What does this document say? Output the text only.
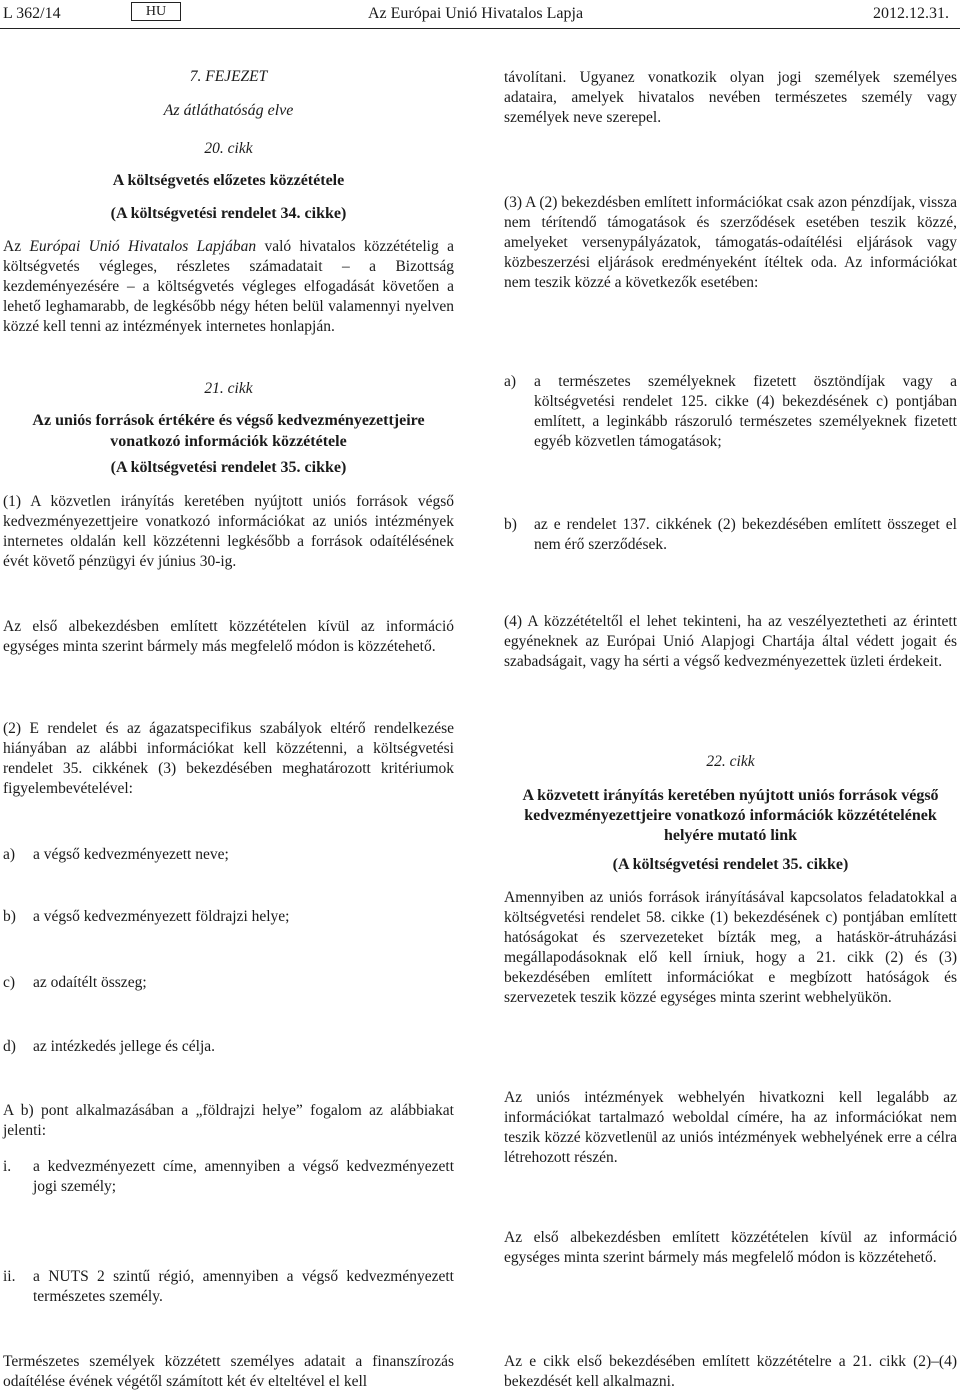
L 362/14	HU	Az Európai Unió Hivatalos Lapja	2012.12.31.
7. FEJEZET
Az átláthatóság elve
20. cikk
A költségvetés előzetes közzététele
(A költségvetési rendelet 34. cikke)

Az Európai Unió Hivatalos Lapjában való hivatalos közzétételig a költségvetés végleges, részletes számadatait – a Bizottság kezdeményezésére – a költségvetés végleges elfogadását követően a lehető leghamarabb, de legkésőbb négy héten belül valamennyi nyelven közzé kell tenni az intézmények internetes honlapján.

21. cikk
Az uniós források értékére és végső kedvezményezettjeire vonatkozó információk közzététele
(A költségvetési rendelet 35. cikke)

(1) A közvetlen irányítás keretében nyújtott uniós források végső kedvezményezettjeire vonatkozó információkat az uniós intézmények internetes oldalán kell közzétenni legkésőbb a források odaítélésének évét követő pénzügyi év június 30-ig.

Az első albekezdésben említett közzétételen kívül az információ egységes minta szerint bármely más megfelelő módon is közzétehető.

(2) E rendelet és az ágazatspecifikus szabályok eltérő rendelkezése hiányában az alábbi információkat kell közzétenni, a költségvetési rendelet 35. cikkének (3) bekezdésében meghatározott kritériumok figyelembevételével:

a) a végső kedvezményezett neve;
b) a végső kedvezményezett földrajzi helye;
c) az odaítélt összeg;
d) az intézkedés jellege és célja.

A b) pont alkalmazásában a „földrajzi helye” fogalom az alábbiakat jelenti:

i. a kedvezményezett címe, amennyiben a végső kedvezményezett jogi személy;
ii. a NUTS 2 szintű régió, amennyiben a végső kedvezményezett természetes személy.

Természetes személyek közzétett személyes adatait a finanszírozás odaítélése évének végétől számított két év elteltével el kell

távolítani. Ugyanez vonatkozik olyan jogi személyek személyes adataira, amelyek hivatalos nevében természetes személy vagy személyek neve szerepel.

(3) A (2) bekezdésben említett információkat csak azon pénzdíjak, vissza nem térítendő támogatások és szerződések esetében teszik közzé, amelyeket versenypályázatok, támogatás-odaítélési eljárások vagy közbeszerzési eljárások eredményeként ítéltek oda. Az információkat nem teszik közzé a következők esetében:

a) a természetes személyeknek fizetett ösztöndíjak vagy a költségvetési rendelet 125. cikke (4) bekezdésének c) pontjában említett, a leginkább rászoruló természetes személyeknek fizetett egyéb közvetlen támogatások;
b) az e rendelet 137. cikkének (2) bekezdésében említett összeget el nem érő szerződések.

(4) A közzétételtől el lehet tekinteni, ha az veszélyeztetheti az érintett egyéneknek az Európai Unió Alapjogi Chartája által védett jogait és szabadságait, vagy ha sérti a végső kedvezményezettek üzleti érdekeit.

22. cikk
A közvetett irányítás keretében nyújtott uniós források végső kedvezményezettjeire vonatkozó információk közzétételének helyére mutató link
(A költségvetési rendelet 35. cikke)

Amennyiben az uniós források irányításával kapcsolatos feladatokkal a költségvetési rendelet 58. cikke (1) bekezdésének c) pontjában említett hatóságokat és szervezeteket bízták meg, a hatáskör-átruházási megállapodásoknak elő kell írniuk, hogy a 21. cikk (2) és (3) bekezdésében említett információkat e megbízott hatóságok és szervezetek teszik közzé egységes minta szerint webhelyükön.

Az uniós intézmények webhelyén hivatkozni kell legalább az információkat tartalmazó weboldal címére, ha az információkat nem teszik közzé közvetlenül az uniós intézmények webhelyének erre a célra létrehozott részén.

Az első albekezdésben említett közzétételen kívül az információ egységes minta szerint bármely más megfelelő módon is közzétehető.

Az e cikk első bekezdésében említett közzétételre a 21. cikk (2)–(4) bekezdését kell alkalmazni.
